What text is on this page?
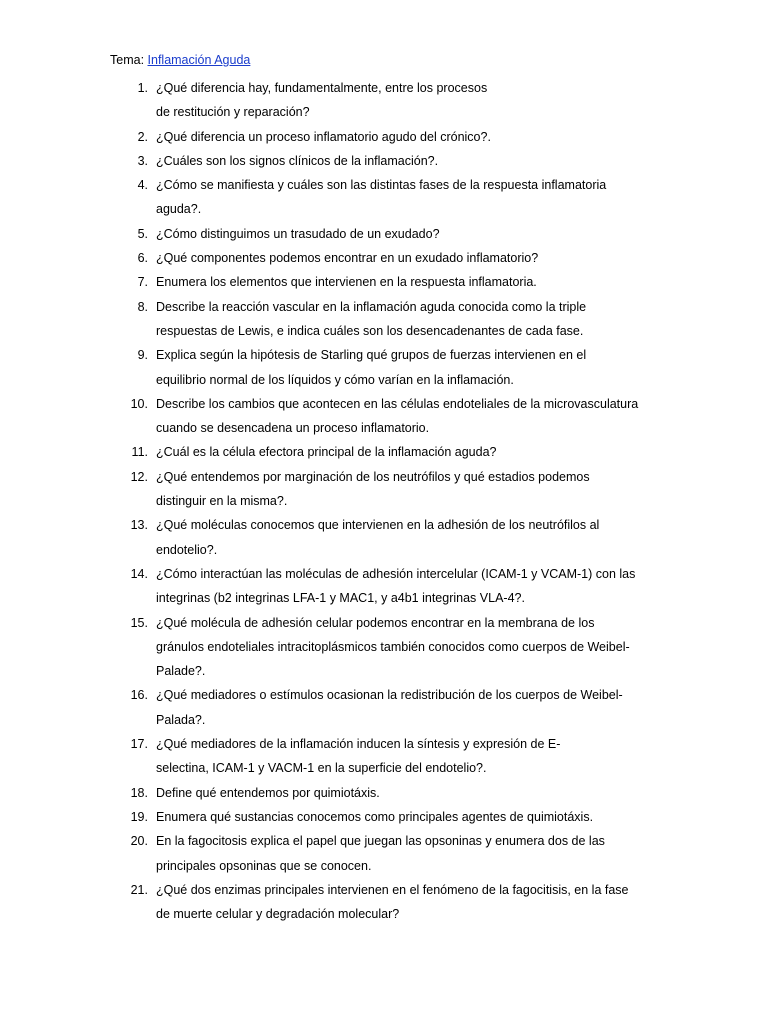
Tema: Inflamación Aguda
1. ¿Qué diferencia hay, fundamentalmente, entre los procesos
de restitución y reparación?
2. ¿Qué diferencia un proceso inflamatorio agudo del crónico?.
3. ¿Cuáles son los signos clínicos de la inflamación?.
4. ¿Cómo se manifiesta y cuáles son las distintas fases de la respuesta inflamatoria
aguda?.
5. ¿Cómo distinguimos un trasudado de un exudado?
6. ¿Qué componentes podemos encontrar en un exudado inflamatorio?
7. Enumera los elementos que intervienen en la respuesta inflamatoria.
8. Describe la reacción vascular en la inflamación aguda conocida como la triple
respuestas de Lewis, e indica cuáles son los desencadenantes de cada fase.
9. Explica según la hipótesis de Starling qué grupos de fuerzas intervienen en el
equilibrio normal de los líquidos y cómo varían en la inflamación.
10. Describe los cambios que acontecen en las células endoteliales de la microvasculatura
cuando se desencadena un proceso inflamatorio.
11. ¿Cuál es la célula efectora principal de la inflamación aguda?
12. ¿Qué entendemos por marginación de los neutrófilos y qué estadios podemos
distinguir en la misma?.
13. ¿Qué moléculas conocemos que intervienen en la adhesión de los neutrófilos al
endotelio?.
14. ¿Cómo interactúan las moléculas de adhesión intercelular (ICAM-1 y VCAM-1) con las
integrinas (b2 integrinas LFA-1 y MAC1, y a4b1 integrinas VLA-4?.
15. ¿Qué molécula de adhesión celular podemos encontrar en la membrana de los
gránulos endoteliales intracitoplásmicos también conocidos como cuerpos de Weibel-
Palade?.
16. ¿Qué mediadores o estímulos ocasionan la redistribución de los cuerpos de Weibel-
Palada?.
17. ¿Qué mediadores de la inflamación inducen la síntesis y expresión de E-
selectina, ICAM-1 y VACM-1 en la superficie del endotelio?.
18. Define qué entendemos por quimiotáxis.
19. Enumera qué sustancias conocemos como principales agentes de quimiotáxis.
20. En la fagocitosis explica el papel que juegan las opsoninas y enumera dos de las
principales opsoninas que se conocen.
21. ¿Qué dos enzimas principales intervienen en el fenómeno de la fagocitisis, en la fase
de muerte celular y degradación molecular?
